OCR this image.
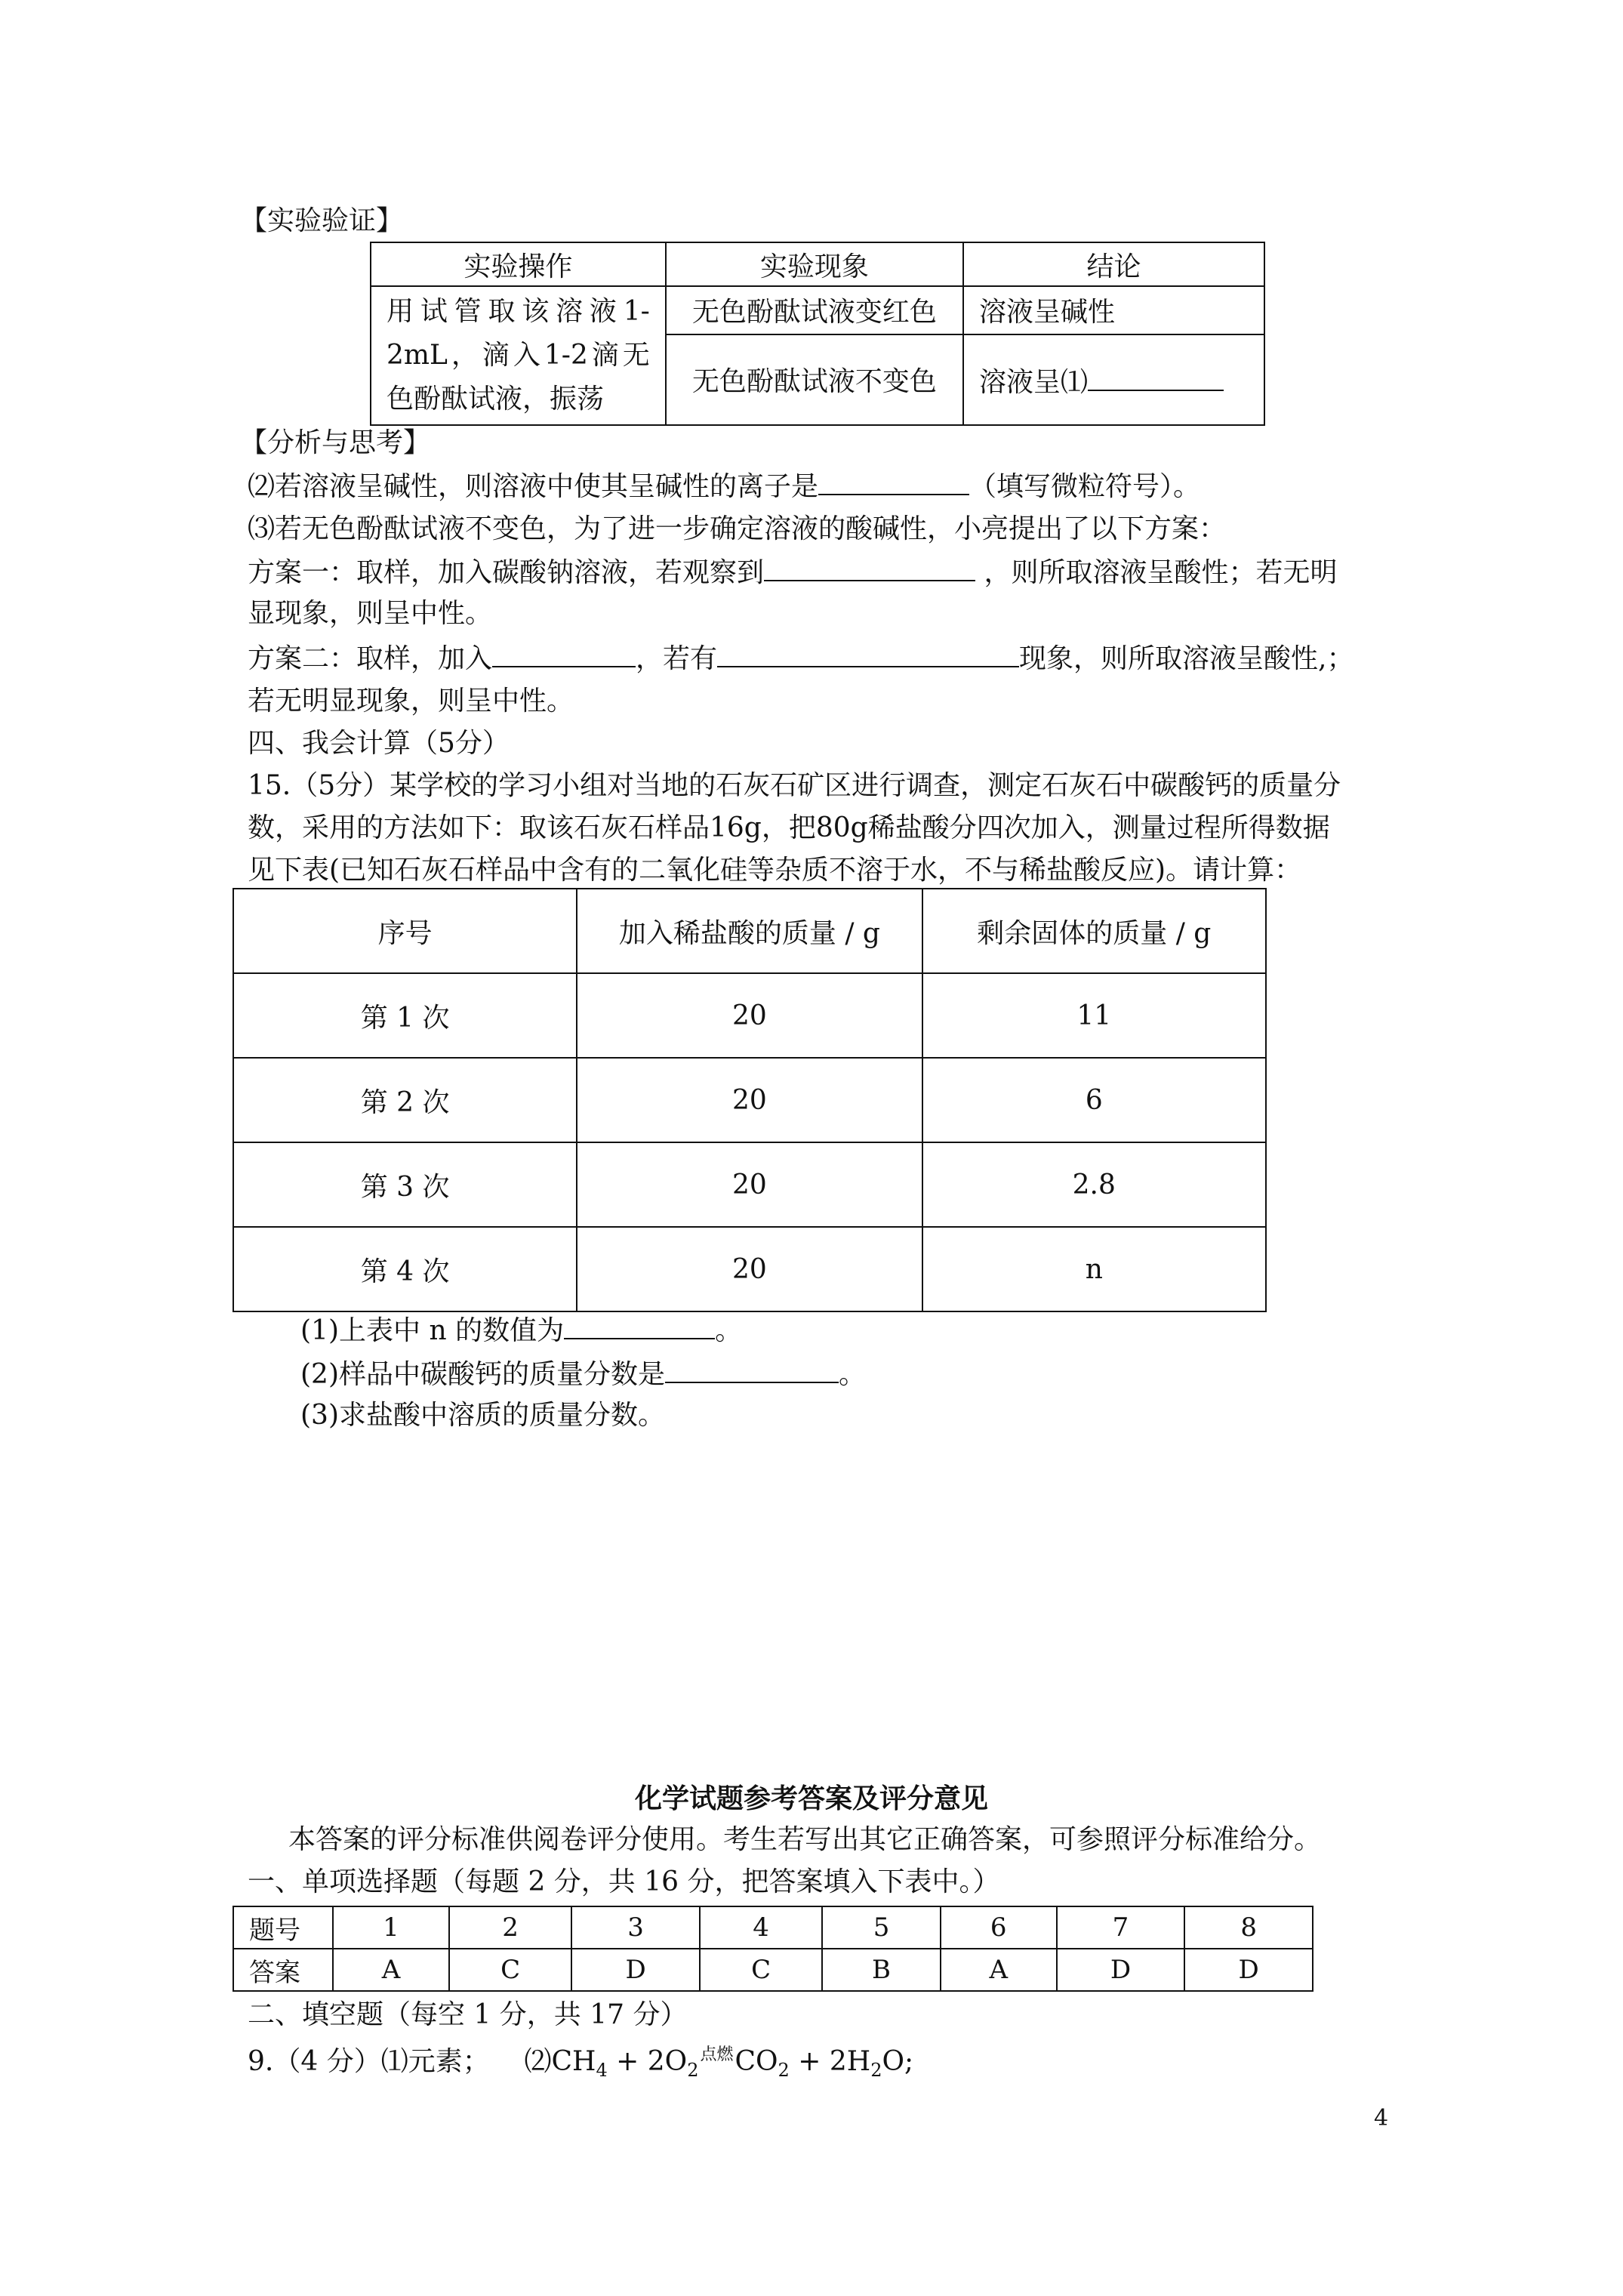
【实验验证】
实验操作	实验现象	结论
用试管取该溶液1-2mL，滴入1-2滴无色酚酞试液，振荡	无色酚酞试液变红色	溶液呈碱性
	无色酚酞试液不变色	溶液呈⑴
【分析与思考】
⑵若溶液呈碱性，则溶液中使其呈碱性的离子是	（填写微粒符号）。
⑶若无色酚酞试液不变色，为了进一步确定溶液的酸碱性，小亮提出了以下方案：
方案一：取样，加入碳酸钠溶液，若观察到	，则所取溶液呈酸性；若无明
显现象，则呈中性。
方案二：取样，加入	，若有	现象，则所取溶液呈酸性,；
若无明显现象，则呈中性。
四、我会计算（5分）
15.（5分）某学校的学习小组对当地的石灰石矿区进行调查，测定石灰石中碳酸钙的质量分
数，采用的方法如下：取该石灰石样品16g，把80g稀盐酸分四次加入，测量过程所得数据
见下表(已知石灰石样品中含有的二氧化硅等杂质不溶于水，不与稀盐酸反应)。请计算：
序号	加入稀盐酸的质量 / g	剩余固体的质量 / g
第 1 次	20	11
第 2 次	20	6
第 3 次	20	2.8
第 4 次	20	n
(1)上表中 n 的数值为	。
(2)样品中碳酸钙的质量分数是	。
(3)求盐酸中溶质的质量分数。
化学试题参考答案及评分意见
本答案的评分标准供阅卷评分使用。考生若写出其它正确答案，可参照评分标准给分。
一、单项选择题（每题 2 分，共 16 分，把答案填入下表中。）
题号	1	2	3	4	5	6	7	8
答案	A	C	D	C	B	A	D	D
二、填空题（每空 1 分，共 17 分）
9.（4 分）⑴元素； $⑵CH_4 + 2O_2$点燃$CO_2 + 2H_2O$;
4
